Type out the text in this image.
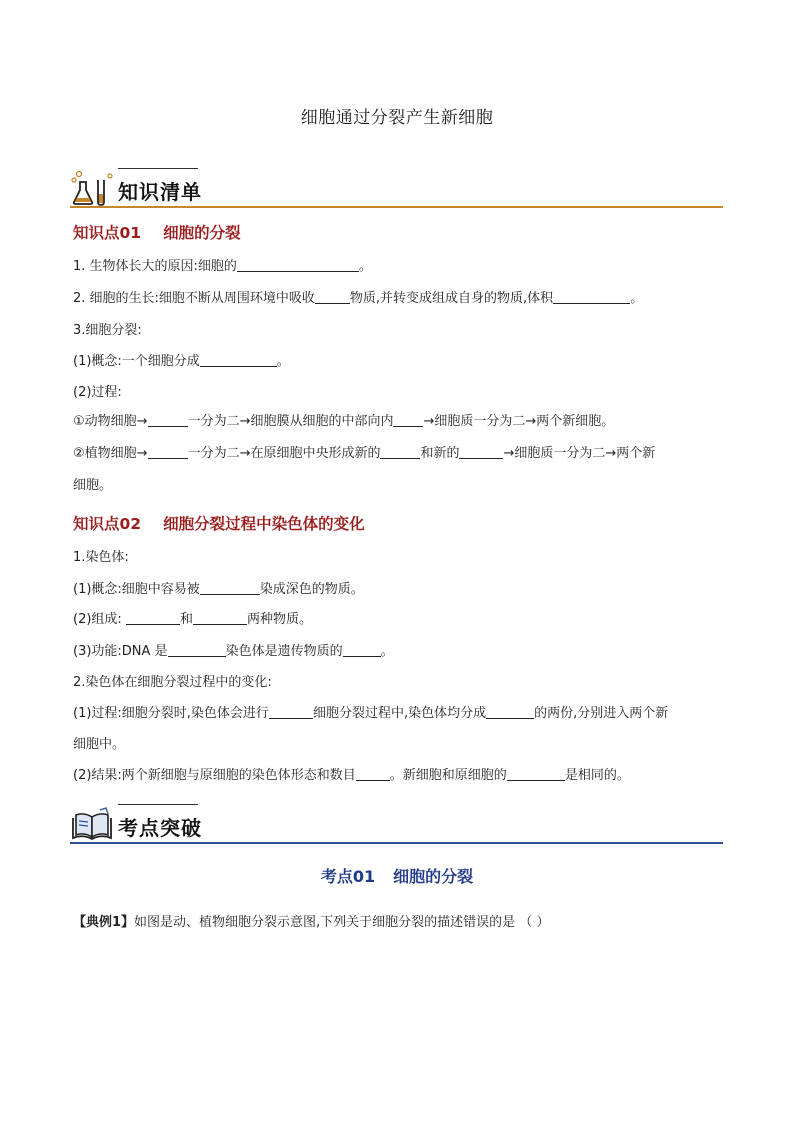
细胞通过分裂产生新细胞
知识清单
知识点01 细胞的分裂
1. 生物体长大的原因:细胞的	。
2. 细胞的生长:细胞不断从周围环境中吸收	物质,并转变成组成自身的物质,体积	。
3.细胞分裂:
(1)概念:一个细胞分成	。
(2)过程:
①动物细胞→	一分为二→细胞膜从细胞的中部向内 →细胞质一分为二→两个新细胞。
②植物细胞→	一分为二→在原细胞中央形成新的	和新的	→细胞质一分为二→两个新
细胞。
知识点02 细胞分裂过程中染色体的变化
1.染色体:
(1)概念:细胞中容易被	染成深色的物质。
(2)组成:	和	两种物质。
(3)功能:DNA 是	染色体是遗传物质的	。
2.染色体在细胞分裂过程中的变化:
(1)过程:细胞分裂时,染色体会进行	细胞分裂过程中,染色体均分成	的两份,分别进入两个新
细胞中。
(2)结果:两个新细胞与原细胞的染色体形态和数目	。新细胞和原细胞的	是相同的。
考点突破
考点01 细胞的分裂
【典例1】如图是动、植物细胞分裂示意图,下列关于细胞分裂的描述错误的是 （ ）
